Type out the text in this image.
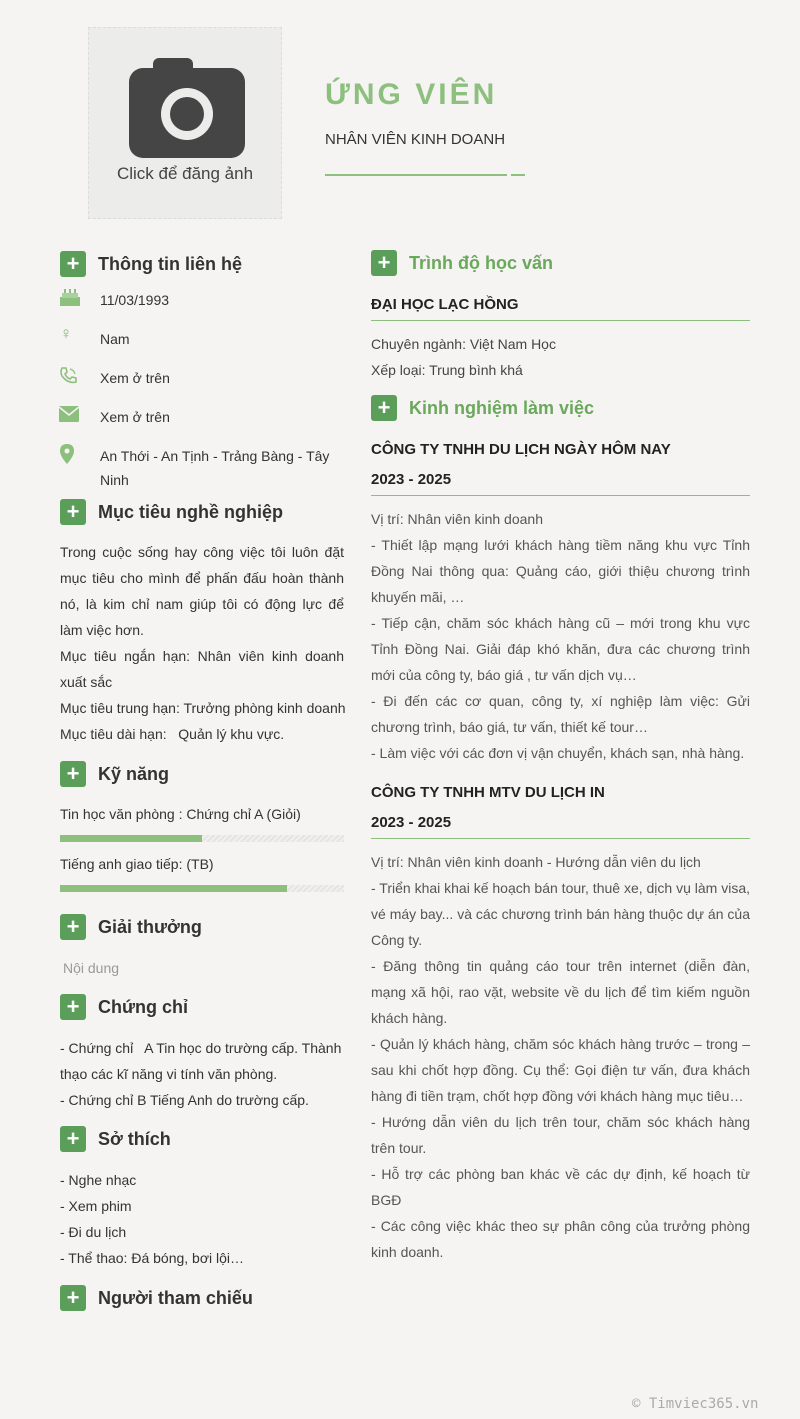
Click để đăng ảnh
ỨNG VIÊN
NHÂN VIÊN KINH DOANH
+	Thông tin liên hệ
11/03/1993
♀ Nam
Xem ở trên
Xem ở trên
An Thới - An Tịnh - Trảng Bàng - Tây Ninh
+	Mục tiêu nghề nghiệp
Trong cuộc sống hay công việc tôi luôn đặt mục tiêu cho mình để phấn đấu hoàn thành nó, là kim chỉ nam giúp tôi có động lực để làm việc hơn.
Mục tiêu ngắn hạn: Nhân viên kinh doanh xuất sắc
Mục tiêu trung hạn: Trưởng phòng kinh doanh
Mục tiêu dài hạn:   Quản lý khu vực.
+	Kỹ năng
Tin học văn phòng : Chứng chỉ A (Giỏi)
Tiếng anh giao tiếp: (TB)
+	Giải thưởng
Nội dung
+	Chứng chỉ
- Chứng chỉ   A Tin học do trường cấp. Thành thạo các kĩ năng vi tính văn phòng.
- Chứng chỉ B Tiếng Anh do trường cấp.
+	Sở thích
- Nghe nhạc
- Xem phim
- Đi du lịch
- Thể thao: Đá bóng, bơi lội…
+	Người tham chiếu
+	Trình độ học vấn
ĐẠI HỌC LẠC HỒNG
Chuyên ngành: Việt Nam Học
Xếp loại: Trung bình khá
+	Kinh nghiệm làm việc
CÔNG TY TNHH DU LỊCH NGÀY HÔM NAY
2023 - 2025
Vị trí: Nhân viên kinh doanh
- Thiết lập mạng lưới khách hàng tiềm năng khu vực Tỉnh Đồng Nai thông qua: Quảng cáo, giới thiệu chương trình khuyến mãi, …
- Tiếp cận, chăm sóc khách hàng cũ – mới trong khu vực Tỉnh Đồng Nai. Giải đáp khó khăn, đưa các chương trình mới của công ty, báo giá , tư vấn dịch vụ…
- Đi đến các cơ quan, công ty, xí nghiệp làm việc: Gửi chương trình, báo giá, tư vấn, thiết kế tour…
- Làm việc với các đơn vị vận chuyển, khách sạn, nhà hàng.
CÔNG TY TNHH MTV DU LỊCH IN
2023 - 2025
Vị trí: Nhân viên kinh doanh - Hướng dẫn viên du lịch
- Triển khai khai kế hoạch bán tour, thuê xe, dịch vụ làm visa, vé máy bay... và các chương trình bán hàng thuộc dự án của Công ty.
- Đăng thông tin quảng cáo tour trên internet (diễn đàn, mạng xã hội, rao vặt, website về du lịch để tìm kiếm nguồn khách hàng.
- Quản lý khách hàng, chăm sóc khách hàng trước – trong – sau khi chốt hợp đồng. Cụ thể: Gọi điện tư vấn, đưa khách hàng đi tiền trạm, chốt hợp đồng với khách hàng mục tiêu…
- Hướng dẫn viên du lịch trên tour, chăm sóc khách hàng trên tour.
- Hỗ trợ các phòng ban khác về các dự định, kế hoạch từ BGĐ
- Các công việc khác theo sự phân công của trưởng phòng kinh doanh.
© Timviec365.vn
